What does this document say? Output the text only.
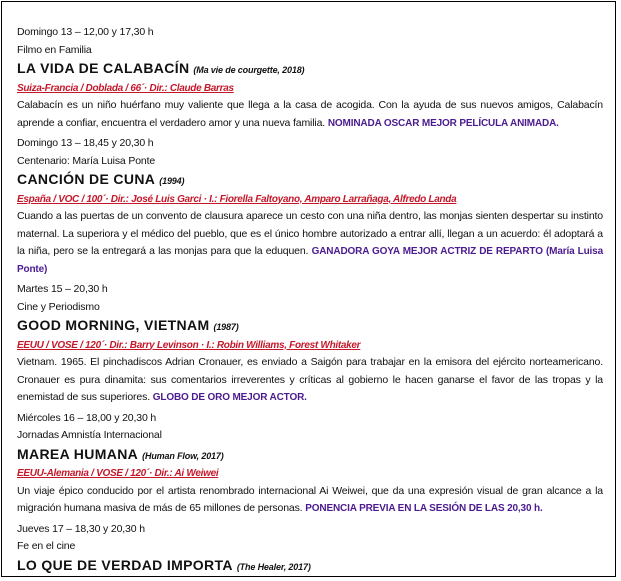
Domingo 13 – 12,00 y 17,30 h
Filmo en Familia
LA VIDA DE CALABACÍN (Ma vie de courgette, 2018)
Suiza-Francia / Doblada / 66´· Dir.: Claude Barras
Calabacín es un niño huérfano muy valiente que llega a la casa de acogida. Con la ayuda de sus nuevos amigos, Calabacín aprende a confiar, encuentra el verdadero amor y una nueva familia. NOMINADA OSCAR MEJOR PELÍCULA ANIMADA.
Domingo 13 – 18,45 y 20,30 h
Centenario: María Luisa Ponte
CANCIÓN DE CUNA (1994)
España / VOC / 100´· Dir.: José Luis Garci · I.: Fiorella Faltoyano, Amparo Larrañaga, Alfredo Landa
Cuando a las puertas de un convento de clausura aparece un cesto con una niña dentro, las monjas sienten despertar su instinto maternal. La superiora y el médico del pueblo, que es el único hombre autorizado a entrar allí, llegan a un acuerdo: él adoptará a la niña, pero se la entregará a las monjas para que la eduquen. GANADORA GOYA MEJOR ACTRIZ DE REPARTO (María Luisa Ponte)
Martes 15 – 20,30 h
Cine y Periodismo
GOOD MORNING, VIETNAM (1987)
EEUU / VOSE / 120´· Dir.: Barry Levinson · I.: Robin Williams, Forest Whitaker
Vietnam. 1965. El pinchadiscos Adrian Cronauer, es enviado a Saigón para trabajar en la emisora del ejército norteamericano. Cronauer es pura dinamita: sus comentarios irreverentes y críticas al gobierno le hacen ganarse el favor de las tropas y la enemistad de sus superiores. GLOBO DE ORO MEJOR ACTOR.
Miércoles 16 – 18,00 y 20,30 h
Jornadas Amnistía Internacional
MAREA HUMANA (Human Flow, 2017)
EEUU-Alemania / VOSE / 120´· Dir.: Ai Weiwei
Un viaje épico conducido por el artista renombrado internacional Ai Weiwei, que da una expresión visual de gran alcance a la migración humana masiva de más de 65 millones de personas. PONENCIA PREVIA EN LA SESIÓN DE LAS 20,30 h.
Jueves 17 – 18,30 y 20,30 h
Fe en el cine
LO QUE DE VERDAD IMPORTA (The Healer, 2017)
